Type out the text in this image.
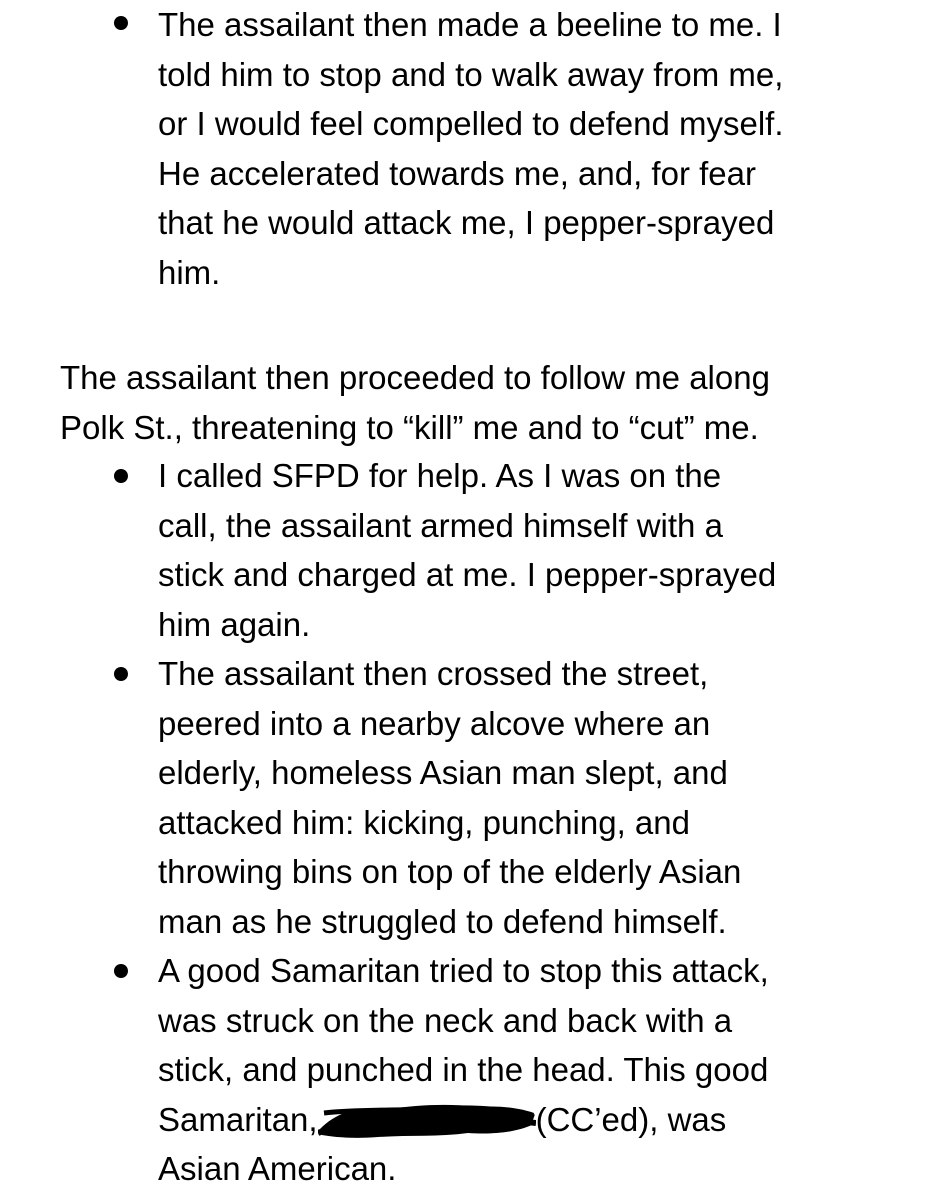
The assailant then made a beeline to me. I
told him to stop and to walk away from me,
or I would feel compelled to defend myself.
He accelerated towards me, and, for fear
that he would attack me, I pepper-sprayed
him.
The assailant then proceeded to follow me along
Polk St., threatening to “kill” me and to “cut” me.
I called SFPD for help. As I was on the
call, the assailant armed himself with a
stick and charged at me. I pepper-sprayed
him again.
The assailant then crossed the street,
peered into a nearby alcove where an
elderly, homeless Asian man slept, and
attacked him: kicking, punching, and
throwing bins on top of the elderly Asian
man as he struggled to defend himself.
A good Samaritan tried to stop this attack,
was struck on the neck and back with a
stick, and punched in the head. This good
Samaritan,	(CC’ed), was
Asian American.
